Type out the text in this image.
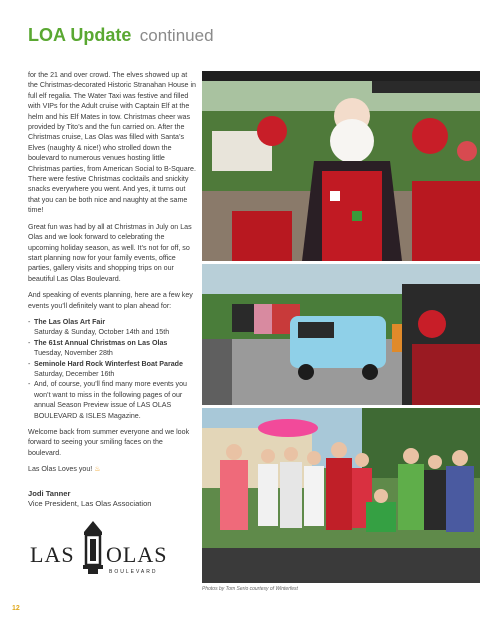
LOA Update continued

for the 21 and over crowd. The elves showed up at the Christmas-decorated Historic Stranahan House in full elf regalia. The Water Taxi was festive and filled with VIPs for the Adult cruise with Captain Elf at the helm and his Elf Mates in tow. Christmas cheer was provided by Tito’s and the fun carried on. After the Christmas cruise, Las Olas was filled with Santa’s Elves (naughty & nice!) who strolled down the boulevard to numerous venues hosting little Christmas parties, from American Social to B-Square. There were festive Christmas cocktails and snickity snacks everywhere you went. And yes, it turns out that you can be both nice and naughty at the same time!

Great fun was had by all at Christmas in July on Las Olas and we look forward to celebrating the upcoming holiday season, as well. It’s not for off, so start planning now for your family events, office parties, gallery visits and shopping trips on our beautiful Las Olas Boulevard.

And speaking of events planning, here are a few key events you’ll definitely want to plan ahead for:

- The Las Olas Art Fair
Saturday & Sunday, October 14th and 15th
- The 61st Annual Christmas on Las Olas
Tuesday, November 28th
- Seminole Hard Rock Winterfest Boat Parade
Saturday, December 16th
- And, of course, you’ll find many more events you won’t want to miss in the following pages of our annual Season Preview issue of LAS OLAS BOULEVARD & ISLES Magazine.

Welcome back from summer everyone and we look forward to seeing your smiling faces on the boulevard.

Las Olas Loves you! ♨

Jodi Tanner
Vice President, Las Olas Association
LAS OLAS
BOULEVARD
Photos by Tom Serio courtesy of Winterfest
12
